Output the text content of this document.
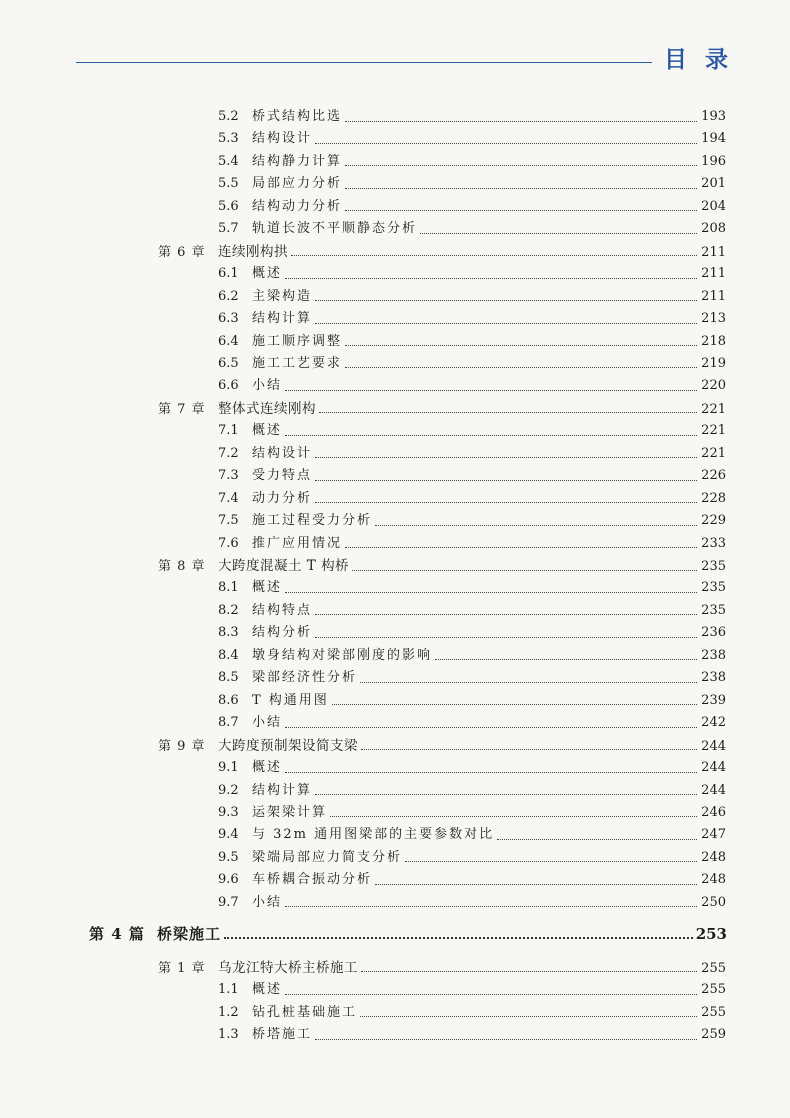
目 录
5.2	桥式结构比选	193
5.3	结构设计	194
5.4	结构静力计算	196
5.5	局部应力分析	201
5.6	结构动力分析	204
5.7	轨道长波不平顺静态分析	208
第 6 章 连续刚构拱	211
6.1	概述	211
6.2	主梁构造	211
6.3	结构计算	213
6.4	施工顺序调整	218
6.5	施工工艺要求	219
6.6	小结	220
第 7 章 整体式连续刚构	221
7.1	概述	221
7.2	结构设计	221
7.3	受力特点	226
7.4	动力分析	228
7.5	施工过程受力分析	229
7.6	推广应用情况	233
第 8 章 大跨度混凝土 T 构桥	235
8.1	概述	235
8.2	结构特点	235
8.3	结构分析	236
8.4	墩身结构对梁部刚度的影响	238
8.5	梁部经济性分析	238
8.6	T 构通用图	239
8.7	小结	242
第 9 章 大跨度预制架设简支梁	244
9.1	概述	244
9.2	结构计算	244
9.3	运架梁计算	246
9.4	与 32m 通用图梁部的主要参数对比	247
9.5	梁端局部应力简支分析	248
9.6	车桥耦合振动分析	248
9.7	小结	250
第 4 篇 桥梁施工	253
第 1 章 乌龙江特大桥主桥施工	255
1.1	概述	255
1.2	钻孔桩基础施工	255
1.3	桥塔施工	259
